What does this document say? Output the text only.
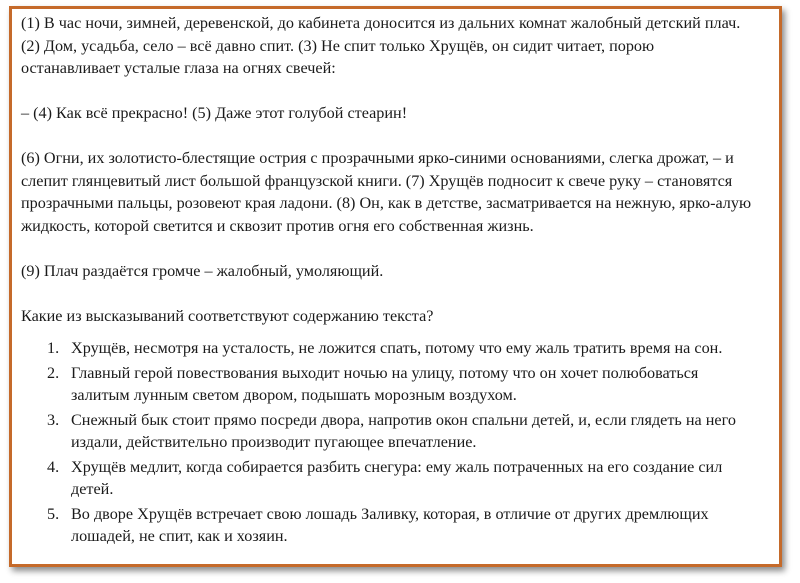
(1) В час ночи, зимней, деревенской, до кабинета доносится из дальних комнат жалобный детский плач. (2) Дом, усадьба, село – всё давно спит. (3) Не спит только Хрущёв, он сидит читает, порою останавливает усталые глаза на огнях свечей:

– (4) Как всё прекрасно! (5) Даже этот голубой стеарин!

(6) Огни, их золотисто-блестящие острия с прозрачными ярко-синими основаниями, слегка дрожат, – и слепит глянцевитый лист большой французской книги. (7) Хрущёв подносит к свече руку – становятся прозрачными пальцы, розовеют края ладони. (8) Он, как в детстве, засматривается на нежную, ярко-алую жидкость, которой светится и сквозит против огня его собственная жизнь.

(9) Плач раздаётся громче – жалобный, умоляющий.

Какие из высказываний соответствуют содержанию текста?

1. Хрущёв, несмотря на усталость, не ложится спать, потому что ему жаль тратить время на сон.
2. Главный герой повествования выходит ночью на улицу, потому что он хочет полюбоваться залитым лунным светом двором, подышать морозным воздухом.
3. Снежный бык стоит прямо посреди двора, напротив окон спальни детей, и, если глядеть на него издали, действительно производит пугающее впечатление.
4. Хрущёв медлит, когда собирается разбить снегура: ему жаль потраченных на его создание сил детей.
5. Во дворе Хрущёв встречает свою лошадь Заливку, которая, в отличие от других дремлющих лошадей, не спит, как и хозяин.
